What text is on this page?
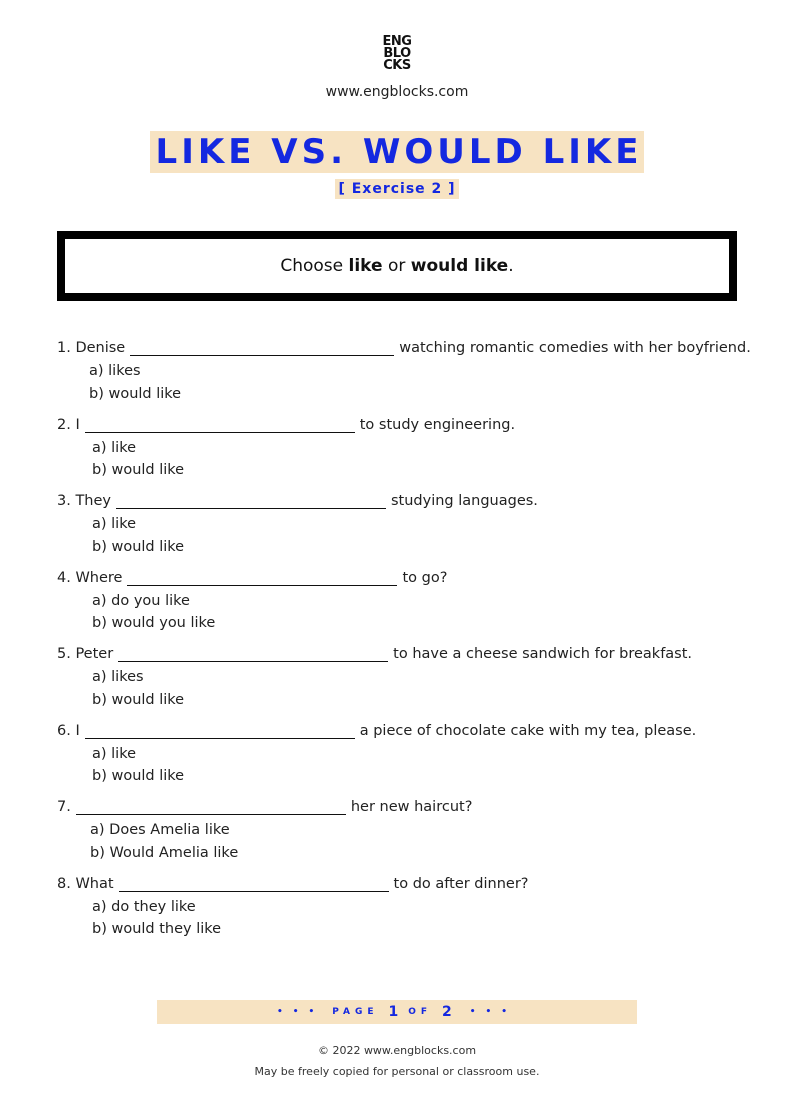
ENG
BLO
CKS
www.engblocks.com
LIKE VS. WOULD LIKE
[ Exercise 2 ]
Choose like or would like .
1. Denise	watching romantic comedies with her boyfriend.
a) likes
b) would like
2. I	to study engineering.
a) like
b) would like
3. They	studying languages.
a) like
b) would like
4. Where	to go?
a) do you like
b) would you like
5. Peter	to have a cheese sandwich for breakfast.
a) likes
b) would like
6. I	a piece of chocolate cake with my tea, please.
a) like
b) would like
7.	her new haircut?
a) Does Amelia like
b) Would Amelia like
8. What	to do after dinner?
a) do they like
b) would they like
••• PAGE 1 OF 2 •••
© 2022 www.engblocks.com
May be freely copied for personal or classroom use.
